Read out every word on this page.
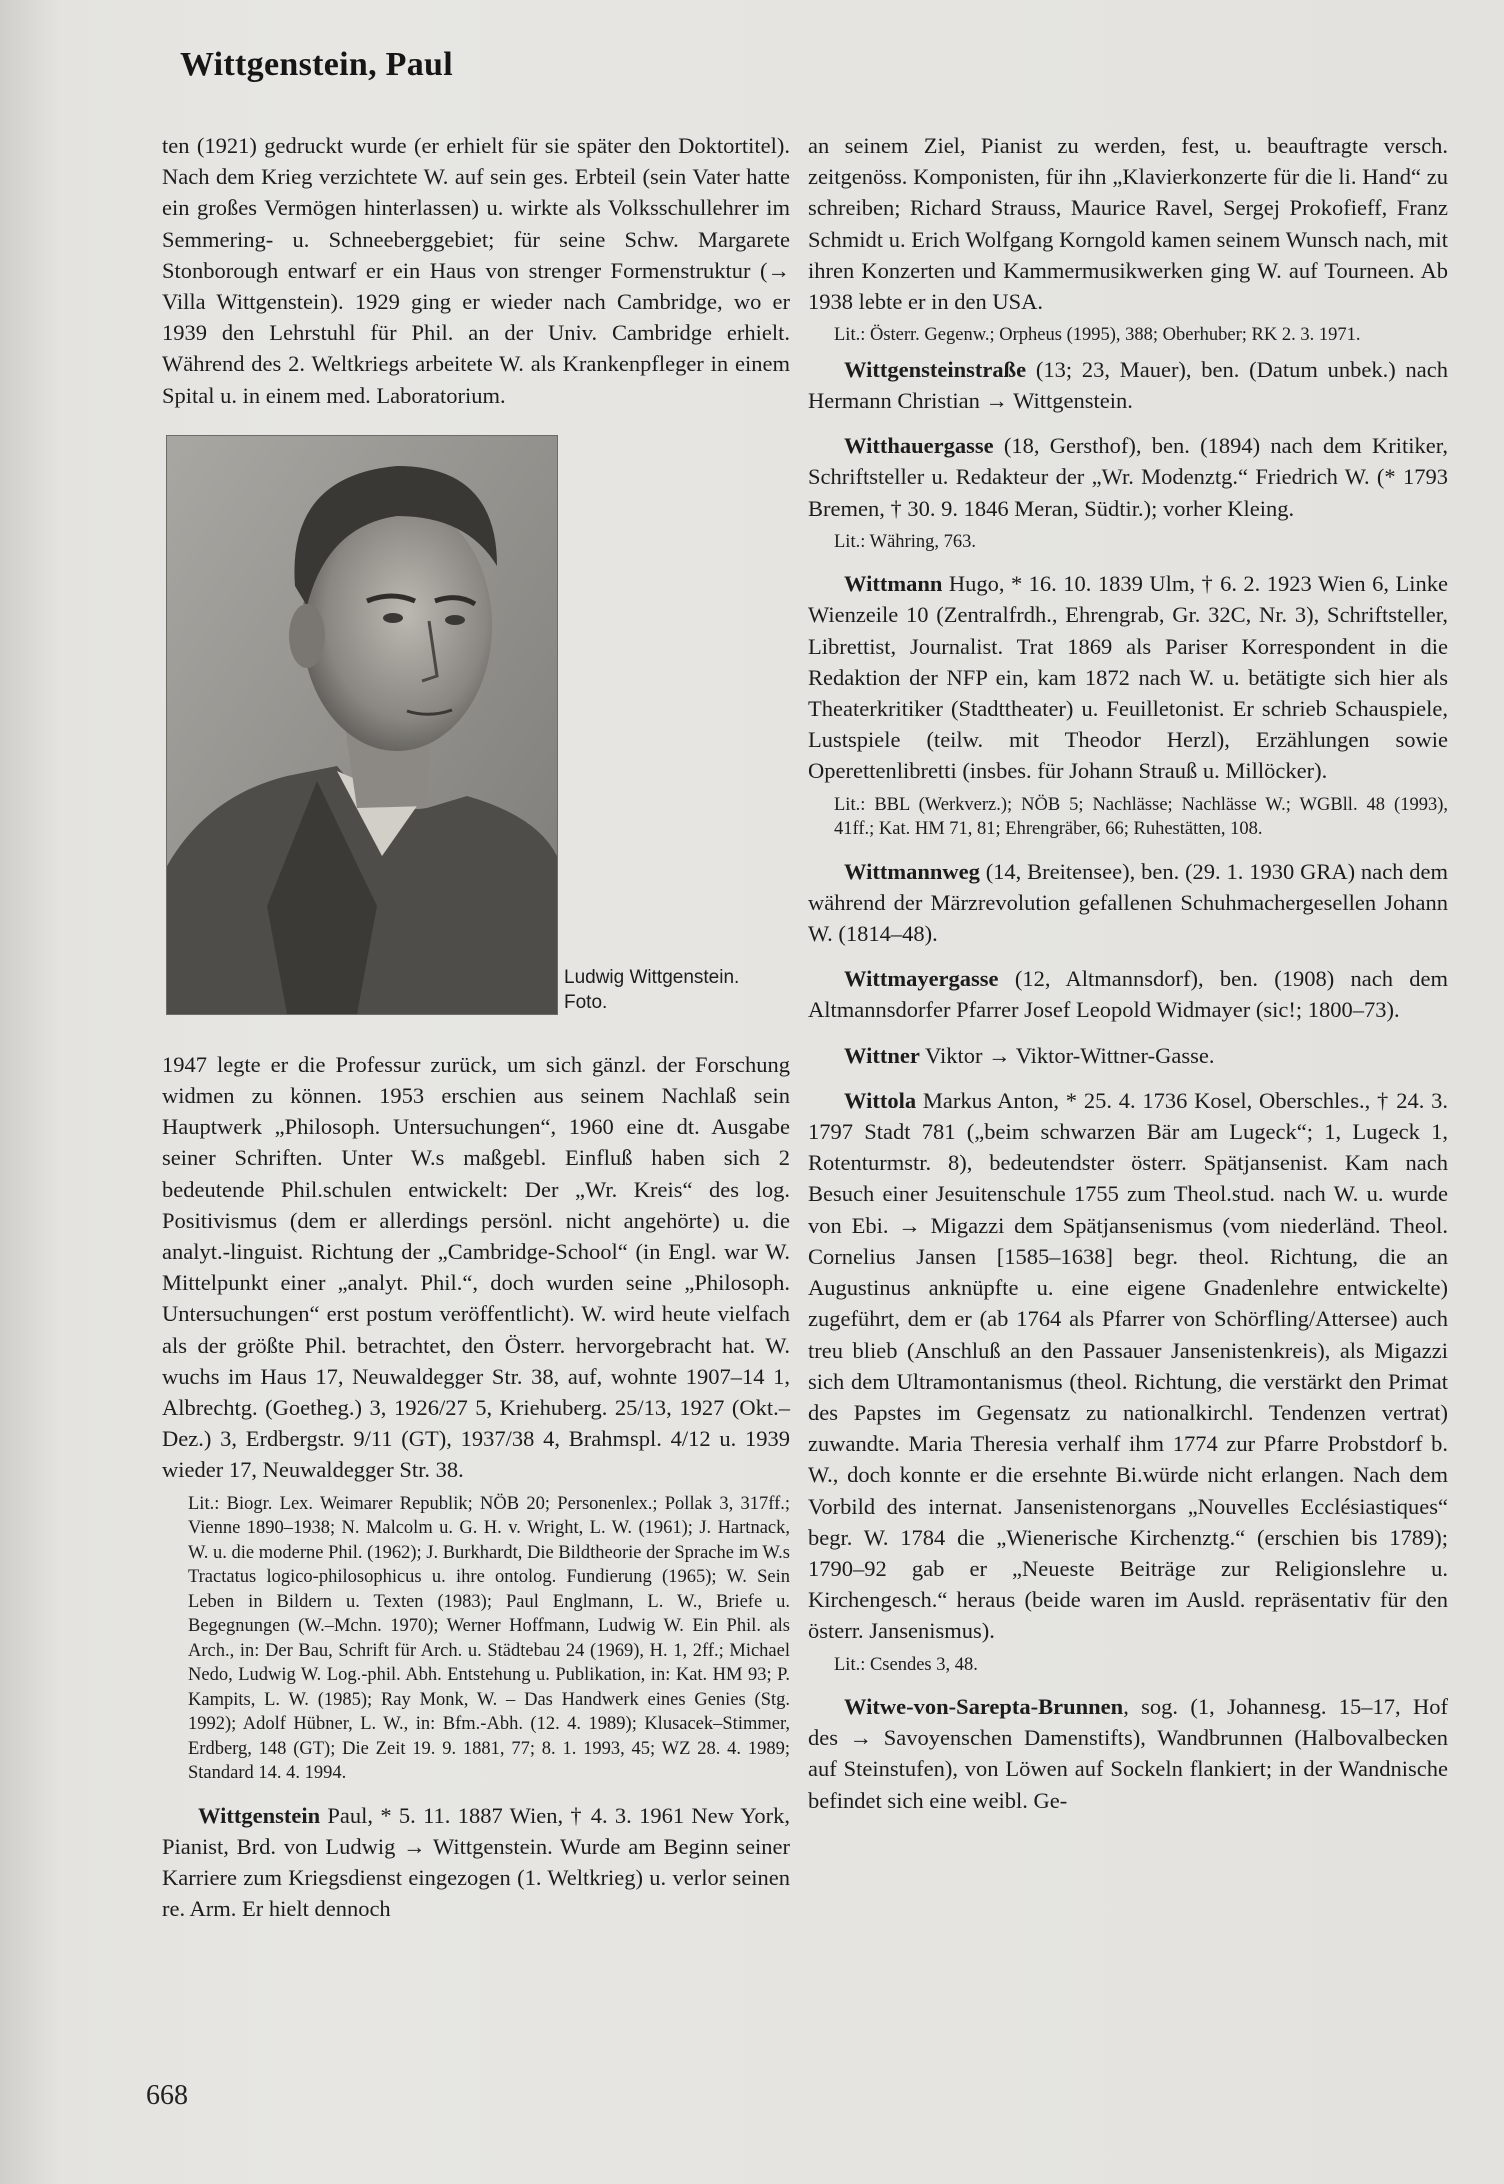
Wittgenstein, Paul

ten (1921) gedruckt wurde (er erhielt für sie später den Doktortitel). Nach dem Krieg verzichtete W. auf sein ges. Erbteil (sein Vater hatte ein großes Vermögen hinterlassen) u. wirkte als Volksschullehrer im Semmering- u. Schneeberggebiet; für seine Schw. Margarete Stonborough entwarf er ein Haus von strenger Formenstruktur (→ Villa Wittgenstein). 1929 ging er wieder nach Cambridge, wo er 1939 den Lehrstuhl für Phil. an der Univ. Cambridge erhielt. Während des 2. Weltkriegs arbeitete W. als Krankenpfleger in einem Spital u. in einem med. Laboratorium.

Ludwig Wittgenstein.
Foto.

1947 legte er die Professur zurück, um sich gänzl. der Forschung widmen zu können. 1953 erschien aus seinem Nachlaß sein Hauptwerk „Philosoph. Untersuchungen“, 1960 eine dt. Ausgabe seiner Schriften. Unter W.s maßgebl. Einfluß haben sich 2 bedeutende Phil.schulen entwickelt: Der „Wr. Kreis“ des log. Positivismus (dem er allerdings persönl. nicht angehörte) u. die analyt.-linguist. Richtung der „Cambridge-School“ (in Engl. war W. Mittelpunkt einer „analyt. Phil.“, doch wurden seine „Philosoph. Untersuchungen“ erst postum veröffentlicht). W. wird heute vielfach als der größte Phil. betrachtet, den Österr. hervorgebracht hat. W. wuchs im Haus 17, Neuwaldegger Str. 38, auf, wohnte 1907–14 1, Albrechtg. (Goetheg.) 3, 1926/27 5, Kriehuberg. 25/13, 1927 (Okt.–Dez.) 3, Erdbergstr. 9/11 (GT), 1937/38 4, Brahmspl. 4/12 u. 1939 wieder 17, Neuwaldegger Str. 38.

Lit.: Biogr. Lex. Weimarer Republik; NÖB 20; Personenlex.; Pollak 3, 317ff.; Vienne 1890–1938; N. Malcolm u. G. H. v. Wright, L. W. (1961); J. Hartnack, W. u. die moderne Phil. (1962); J. Burkhardt, Die Bildtheorie der Sprache im W.s Tractatus logico-philosophicus u. ihre ontolog. Fundierung (1965); W. Sein Leben in Bildern u. Texten (1983); Paul Englmann, L. W., Briefe u. Begegnungen (W.–Mchn. 1970); Werner Hoffmann, Ludwig W. Ein Phil. als Arch., in: Der Bau, Schrift für Arch. u. Städtebau 24 (1969), H. 1, 2ff.; Michael Nedo, Ludwig W. Log.-phil. Abh. Entstehung u. Publikation, in: Kat. HM 93; P. Kampits, L. W. (1985); Ray Monk, W. – Das Handwerk eines Genies (Stg. 1992); Adolf Hübner, L. W., in: Bfm.-Abh. (12. 4. 1989); Klusacek–Stimmer, Erdberg, 148 (GT); Die Zeit 19. 9. 1881, 77; 8. 1. 1993, 45; WZ 28. 4. 1989; Standard 14. 4. 1994.

Wittgenstein Paul, * 5. 11. 1887 Wien, † 4. 3. 1961 New York, Pianist, Brd. von Ludwig → Wittgenstein. Wurde am Beginn seiner Karriere zum Kriegsdienst eingezogen (1. Weltkrieg) u. verlor seinen re. Arm. Er hielt dennoch

an seinem Ziel, Pianist zu werden, fest, u. beauftragte versch. zeitgenöss. Komponisten, für ihn „Klavierkonzerte für die li. Hand“ zu schreiben; Richard Strauss, Maurice Ravel, Sergej Prokofieff, Franz Schmidt u. Erich Wolfgang Korngold kamen seinem Wunsch nach, mit ihren Konzerten und Kammermusikwerken ging W. auf Tourneen. Ab 1938 lebte er in den USA.

Lit.: Österr. Gegenw.; Orpheus (1995), 388; Oberhuber; RK 2. 3. 1971.

Wittgensteinstraße (13; 23, Mauer), ben. (Datum unbek.) nach Hermann Christian → Wittgenstein.

Witthauergasse (18, Gersthof), ben. (1894) nach dem Kritiker, Schriftsteller u. Redakteur der „Wr. Modenztg.“ Friedrich W. (* 1793 Bremen, † 30. 9. 1846 Meran, Südtir.); vorher Kleing.

Lit.: Währing, 763.

Wittmann Hugo, * 16. 10. 1839 Ulm, † 6. 2. 1923 Wien 6, Linke Wienzeile 10 (Zentralfrdh., Ehrengrab, Gr. 32C, Nr. 3), Schriftsteller, Librettist, Journalist. Trat 1869 als Pariser Korrespondent in die Redaktion der NFP ein, kam 1872 nach W. u. betätigte sich hier als Theaterkritiker (Stadttheater) u. Feuilletonist. Er schrieb Schauspiele, Lustspiele (teilw. mit Theodor Herzl), Erzählungen sowie Operettenlibretti (insbes. für Johann Strauß u. Millöcker).

Lit.: BBL (Werkverz.); NÖB 5; Nachlässe; Nachlässe W.; WGBll. 48 (1993), 41ff.; Kat. HM 71, 81; Ehrengräber, 66; Ruhestätten, 108.

Wittmannweg (14, Breitensee), ben. (29. 1. 1930 GRA) nach dem während der Märzrevolution gefallenen Schuhmachergesellen Johann W. (1814–48).

Wittmayergasse (12, Altmannsdorf), ben. (1908) nach dem Altmannsdorfer Pfarrer Josef Leopold Widmayer (sic!; 1800–73).

Wittner Viktor → Viktor-Wittner-Gasse.

Wittola Markus Anton, * 25. 4. 1736 Kosel, Oberschles., † 24. 3. 1797 Stadt 781 („beim schwarzen Bär am Lugeck“; 1, Lugeck 1, Rotenturmstr. 8), bedeutendster österr. Spätjansenist. Kam nach Besuch einer Jesuitenschule 1755 zum Theol.stud. nach W. u. wurde von Ebi. → Migazzi dem Spätjansenismus (vom niederländ. Theol. Cornelius Jansen [1585–1638] begr. theol. Richtung, die an Augustinus anknüpfte u. eine eigene Gnadenlehre entwickelte) zugeführt, dem er (ab 1764 als Pfarrer von Schörfling/Attersee) auch treu blieb (Anschluß an den Passauer Jansenistenkreis), als Migazzi sich dem Ultramontanismus (theol. Richtung, die verstärkt den Primat des Papstes im Gegensatz zu nationalkirchl. Tendenzen vertrat) zuwandte. Maria Theresia verhalf ihm 1774 zur Pfarre Probstdorf b. W., doch konnte er die ersehnte Bi.würde nicht erlangen. Nach dem Vorbild des internat. Jansenistenorgans „Nouvelles Ecclésiastiques“ begr. W. 1784 die „Wienerische Kirchenztg.“ (erschien bis 1789); 1790–92 gab er „Neueste Beiträge zur Religionslehre u. Kirchengesch.“ heraus (beide waren im Ausld. repräsentativ für den österr. Jansenismus).

Lit.: Csendes 3, 48.

Witwe-von-Sarepta-Brunnen, sog. (1, Johannesg. 15–17, Hof des → Savoyenschen Damenstifts), Wandbrunnen (Halbovalbecken auf Steinstufen), von Löwen auf Sockeln flankiert; in der Wandnische befindet sich eine weibl. Ge-

668
